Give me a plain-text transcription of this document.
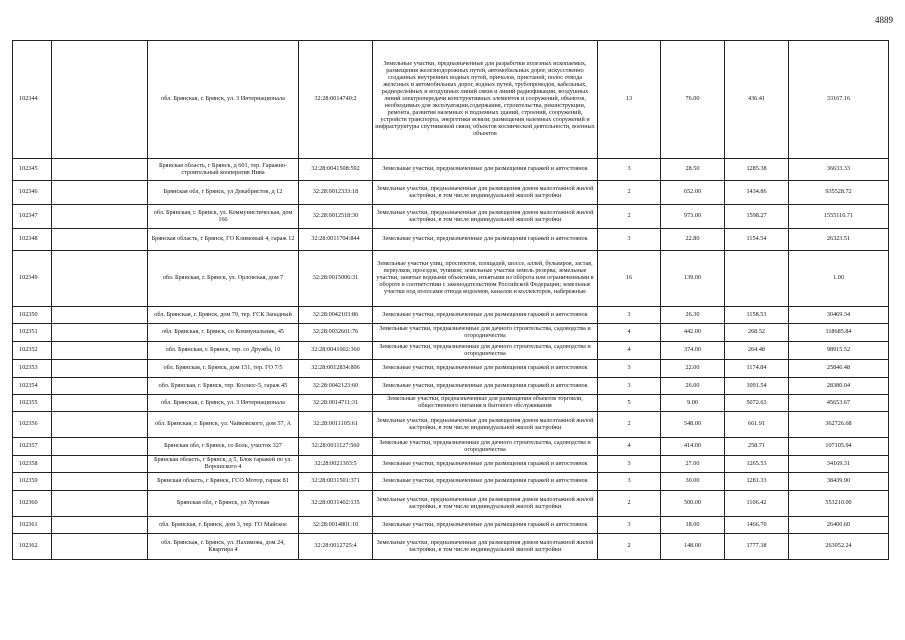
4889
102344		обл. Брянская, г. Брянск, ул. 3 Интернационала	32:28:0014740:2	Земельные участки, предназначенные для разработки полезных ископаемых, размещения железнодорожных путей, автомобильных дорог, искусственно созданных внутренних водных путей, причалов, пристаней, полос отвода железных и автомобильных дорог, водных путей, трубопроводов, кабельных, радиорелейных и воздушных линий связи и линий радиофикации, воздушных линий электропередачи конструктивных элементов и сооружений, объектов, необходимых для эксплуатации,содержания, строительства, реконструкции, ремонта, развития наземных и подземных зданий, строений, сооружений, устройств транспорта, энергетики ясвязи; размещения наземных сооружений и инфраструктуры спутниковой связи, объектов космической деятельности, военных объектов	13	76.00	436.41	33167.16
102345		Брянская область, г Брянск, д 601, тер. Гаражно-строительный кооператив Нива	32:28:0041508:592	Земельные участки, предназначенные для размещения гаражей и автостоянок	3	28.50	1285.38	36633.33
102346		Брянская обл, г Брянск, ул Декабристов, д 12	32:28:0012333:18	Земельные участки, предназначенные для размещения домов малоэтажной жилой застройки, в том числе индивидуальной жилой застройки	2	652.00	1434.86	935528.72
102347		обл. Брянская, г. Брянск, ул. Коммунистическая, дом 166	32:28:0012518:30	Земельные участки, предназначенные для размещения домов малоэтажной жилой застройки, в том числе индивидуальной жилой застройки	2	973.00	1598.27	1555116.71
102348		Брянская область, г Брянск, ГО Климовый 4, гараж 12	32:28:0011704:844	Земельные участки, предназначенные для размещения гаражей и автостоянок	3	22.80	1154.54	26323.51
102349		обл. Брянская, г. Брянск, ул. Орловская, дом 7	32:28:0015006:31	Земельные участки улиц, проспектов, площадей, шоссе, аллей, бульваров, застав, переулков, проездов, тупиков; земельные участки земель резерва; земельные участки, занятые водными объектами, изъятыми из оборота или ограниченными в обороте в соответствии с законодательством Российской Федерации; земельные участки под полосами отвода водоемов, каналов и коллекторов, набережные	16	139.00		1.00
102350		обл. Брянская, г. Брянск, дом 79, тер. ГСК Западный	32:28:0042103:86	Земельные участки, предназначенные для размещения гаражей и автостоянок	3	26.30	1158.53	30469.34
102351		обл. Брянская, г. Брянск, со Коммунальник, 45	32:28:0032601:76	Земельные участки, предназначенные для дачного строительства, садоводства и огородничества	4	442.00	268.52	118685.84
102352		обл. Брянская, г. Брянск, тер. со Дружба, 10	32:28:0041002:360	Земельные участки, предназначенные для дачного строительства, садоводства и огородничества	4	374.00	264.48	98915.52
102353		обл. Брянская, г. Брянск, дом 151, тер. ГО 7/5	32:28:0012834:806	Земельные участки, предназначенные для размещения гаражей и автостоянок	3	22.00	1174.84	25846.48
102354		обл. Брянская, г. Брянск, тер. Космос-5, гараж 45	32:28:0042123:60	Земельные участки, предназначенные для размещения гаражей и автостоянок	3	26.00	1091.54	28380.04
102355		обл. Брянская, г. Брянск, ул. 3 Интернационала	32:28:0014711:31	Земельные участки, предназначенные для размещения объектов торговли, общественного питания и бытового обслуживания	5	9.00	5072.63	45653.67
102356		обл. Брянская, г. Брянск, ул. Чайковского, дом 57, А	32:28:0011105:61	Земельные участки, предназначенные для размещения домов малоэтажной жилой застройки, в том числе индивидуальной жилой застройки	2	548.00	661.91	362726.68
102357		Брянская обл, г Брянск, со Боль, участок 327	32:28:0011127:560	Земельные участки, предназначенные для дачного строительства, садоводства и огородничества	4	414.00	258.71	107105.94
102358		Брянская область, г Брянск, д 5, Блок гаражей по ул. Ворошского 4	32:28:0021303:5	Земельные участки, предназначенные для размещения гаражей и автостоянок	3	27.00	1265.53	34169.31
102359		Брянская область, г Брянск, ГСО Мотор, гараж 81	32:28:0031501:371	Земельные участки, предназначенные для размещения гаражей и автостоянок	3	30.00	1281.33	38439.90
102360		Брянская обл, г Брянск, ул Лутовая	32:28:0031402:135	Земельные участки, предназначенные для размещения домов малоэтажной жилой застройки, в том числе индивидуальной жилой застройки	2	500.00	1106.42	553210.00
102361		обл. Брянская, г. Брянск, дом 3, тер. ГО Майское	32:28:0014801:10	Земельные участки, предназначенные для размещения гаражей и автостоянок	3	18.00	1466.70	26400.60
102362		обл. Брянская, г. Брянск, ул. Нахимова, дом 24, Квартира 4	32:28:0012725:4	Земельные участки, предназначенные для размещения домов малоэтажной жилой застройки, в том числе индивидуальной жилой застройки	2	148.00	1777.38	263052.24
